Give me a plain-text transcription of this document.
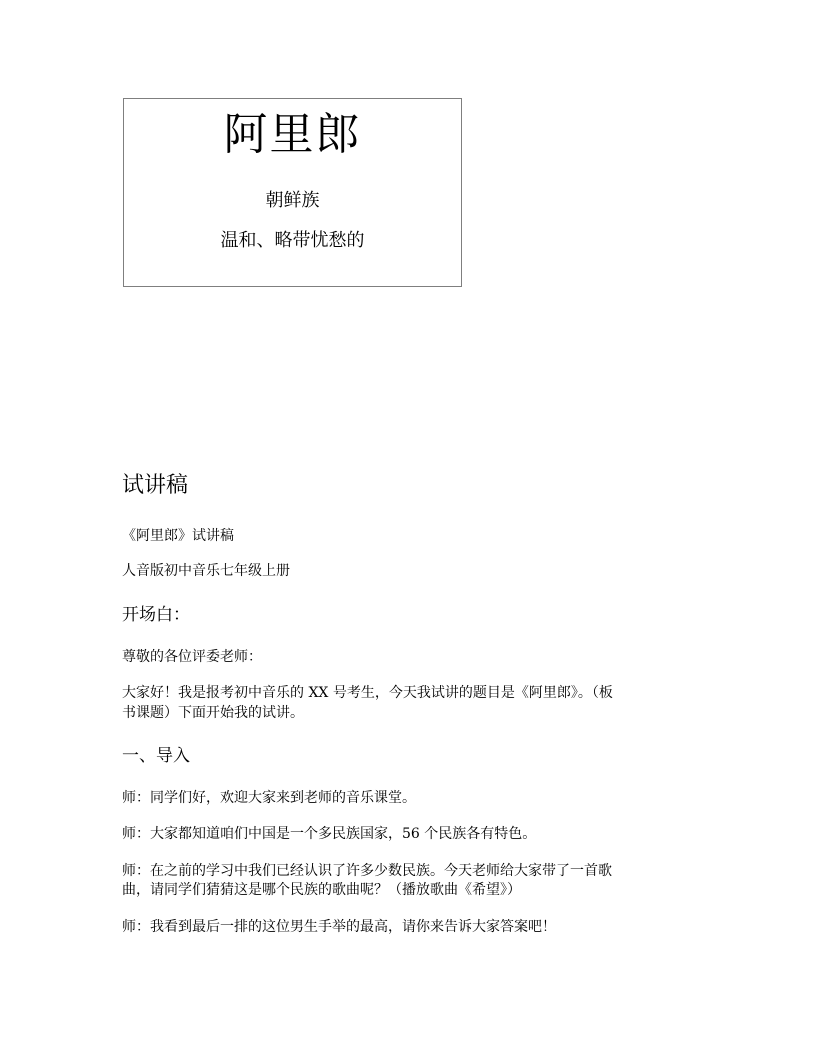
阿里郎
朝鲜族
温和、略带忧愁的
试讲稿
《阿里郎》试讲稿
人音版初中音乐七年级上册
开场白：
尊敬的各位评委老师：
大家好！我是报考初中音乐的 XX 号考生，今天我试讲的题目是《阿里郎》。（板
书课题）下面开始我的试讲。
一、导入
师：同学们好，欢迎大家来到老师的音乐课堂。
师：大家都知道咱们中国是一个多民族国家，56 个民族各有特色。
师：在之前的学习中我们已经认识了许多少数民族。今天老师给大家带了一首歌
曲，请同学们猜猜这是哪个民族的歌曲呢？（播放歌曲《希望》）
师：我看到最后一排的这位男生手举的最高，请你来告诉大家答案吧！
